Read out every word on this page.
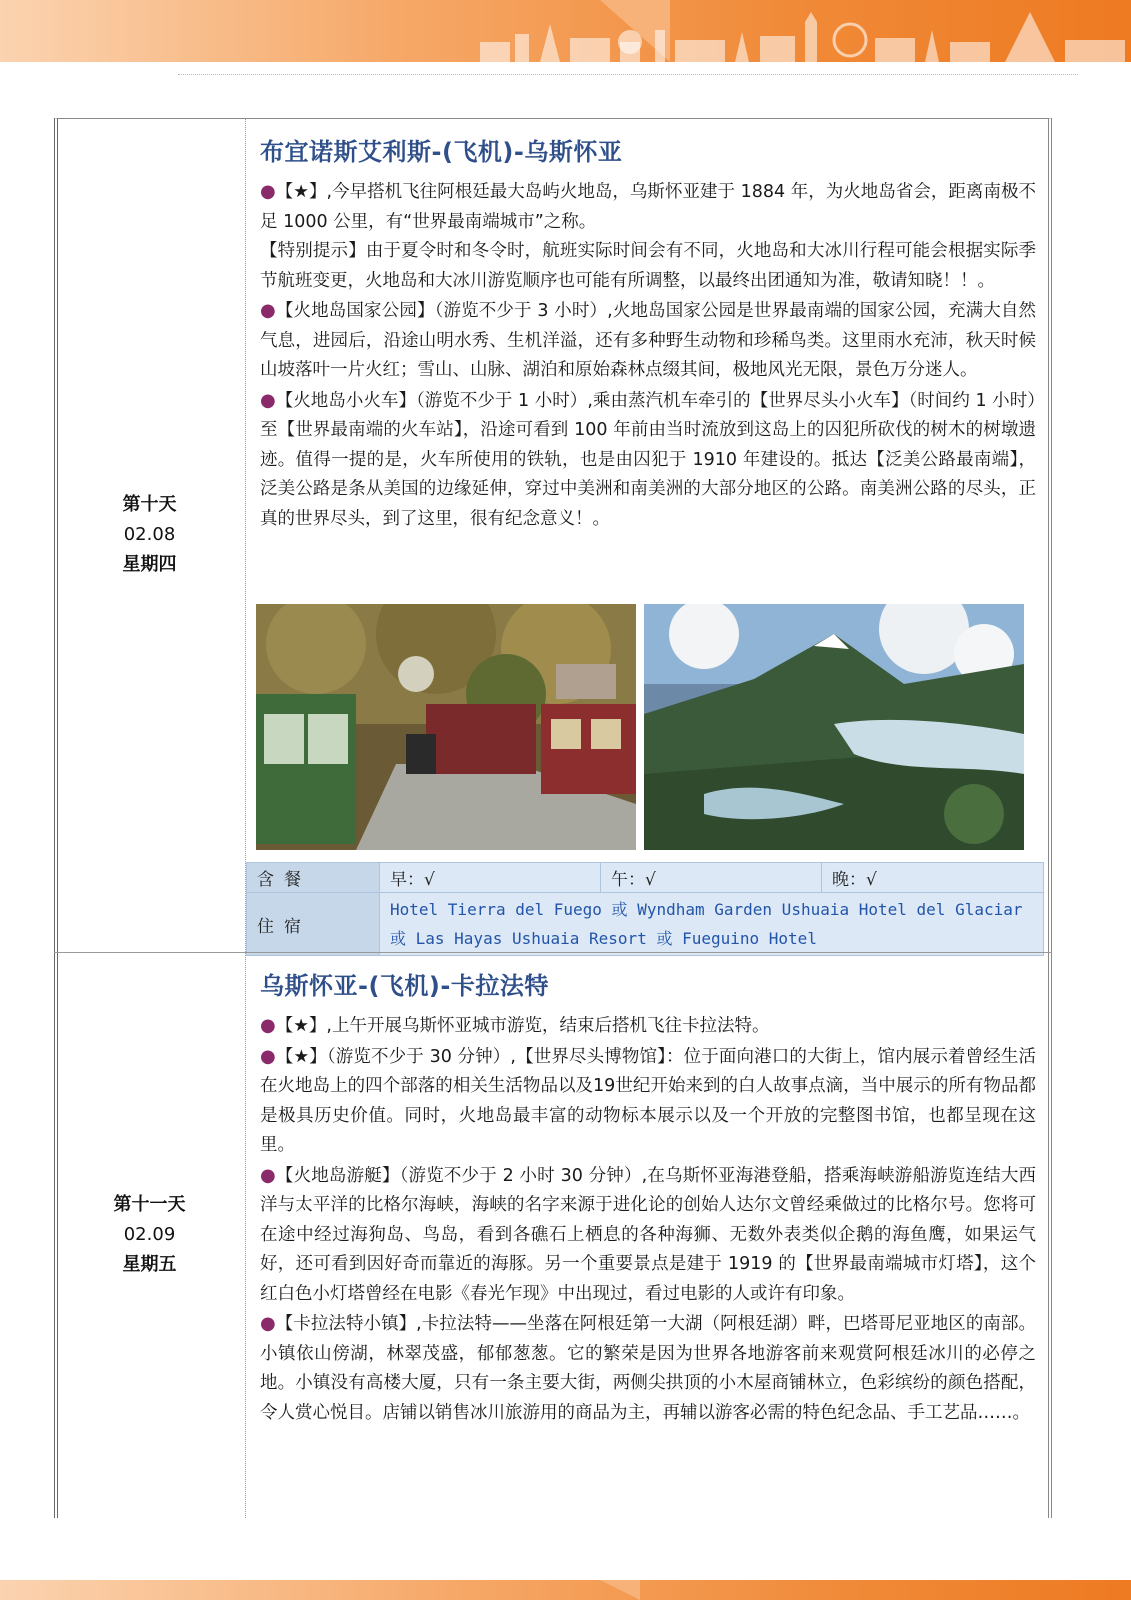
第十天
02.08
星期四
布宜诺斯艾利斯-(飞机)-乌斯怀亚
●【★】,今早搭机飞往阿根廷最大岛屿火地岛，乌斯怀亚建于 1884 年，为火地岛省会，距离南极不足 1000 公里，有“世界最南端城市”之称。
【特别提示】由于夏令时和冬令时，航班实际时间会有不同，火地岛和大冰川行程可能会根据实际季节航班变更，火地岛和大冰川游览顺序也可能有所调整，以最终出团通知为准，敬请知晓！！。
●【火地岛国家公园】（游览不少于 3 小时）,火地岛国家公园是世界最南端的国家公园，充满大自然气息，进园后，沿途山明水秀、生机洋溢，还有多种野生动物和珍稀鸟类。这里雨水充沛，秋天时候山坡落叶一片火红；雪山、山脉、湖泊和原始森林点缀其间，极地风光无限，景色万分迷人。
●【火地岛小火车】（游览不少于 1 小时）,乘由蒸汽机车牵引的【世界尽头小火车】（时间约 1 小时）至【世界最南端的火车站】，沿途可看到 100 年前由当时流放到这岛上的囚犯所砍伐的树木的树墩遗迹。值得一提的是，火车所使用的铁轨，也是由囚犯于 1910 年建设的。抵达【泛美公路最南端】，泛美公路是条从美国的边缘延伸，穿过中美洲和南美洲的大部分地区的公路。南美洲公路的尽头，正真的世界尽头，到了这里，很有纪念意义！。
含餐	早：√	午：√	晚：√
住宿	Hotel Tierra del Fuego 或 Wyndham Garden Ushuaia Hotel del Glaciar
或 Las Hayas Ushuaia Resort 或 Fueguino Hotel		
第十一天
02.09
星期五
乌斯怀亚-(飞机)-卡拉法特
●【★】,上午开展乌斯怀亚城市游览，结束后搭机飞往卡拉法特。
●【★】（游览不少于 30 分钟）,【世界尽头博物馆】：位于面向港口的大街上，馆内展示着曾经生活在火地岛上的四个部落的相关生活物品以及19世纪开始来到的白人故事点滴，当中展示的所有物品都是极具历史价值。同时，火地岛最丰富的动物标本展示以及一个开放的完整图书馆，也都呈现在这里。
●【火地岛游艇】（游览不少于 2 小时 30 分钟）,在乌斯怀亚海港登船，搭乘海峡游船游览连结大西洋与太平洋的比格尔海峡，海峡的名字来源于进化论的创始人达尔文曾经乘做过的比格尔号。您将可在途中经过海狗岛、鸟岛，看到各礁石上栖息的各种海狮、无数外表类似企鹅的海鱼鹰，如果运气好，还可看到因好奇而靠近的海豚。另一个重要景点是建于 1919 的【世界最南端城市灯塔】，这个红白色小灯塔曾经在电影《春光乍现》中出现过，看过电影的人或许有印象。
●【卡拉法特小镇】,卡拉法特——坐落在阿根廷第一大湖（阿根廷湖）畔，巴塔哥尼亚地区的南部。小镇依山傍湖，林翠茂盛，郁郁葱葱。它的繁荣是因为世界各地游客前来观赏阿根廷冰川的必停之地。小镇没有高楼大厦，只有一条主要大街，两侧尖拱顶的小木屋商铺林立，色彩缤纷的颜色搭配，令人赏心悦目。店铺以销售冰川旅游用的商品为主，再辅以游客必需的特色纪念品、手工艺品……。
